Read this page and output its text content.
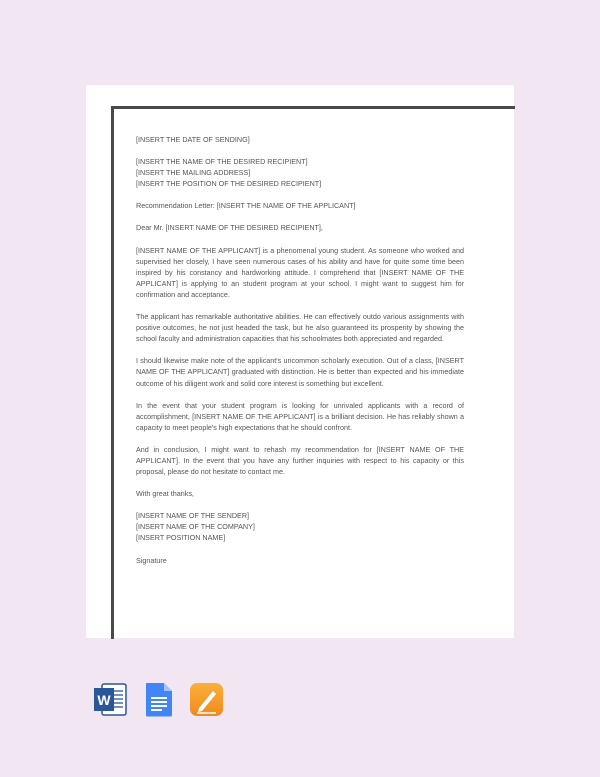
[INSERT THE DATE OF SENDING]

[INSERT THE NAME OF THE DESIRED RECIPIENT]
[INSERT THE MAILING ADDRESS]
[INSERT THE POSITION OF THE DESIRED RECIPIENT]

Recommendation Letter: [INSERT THE NAME OF THE APPLICANT]

Dear Mr. [INSERT NAME OF THE DESIRED RECIPIENT],

[INSERT NAME OF THE APPLICANT] is a phenomenal young student. As someone who worked and supervised her closely, I have seen numerous cases of his ability and have for quite some time been inspired by his constancy and hardworking attitude. I comprehend that [INSERT NAME OF THE APPLICANT] is applying to an student program at your school. I might want to suggest him for confirmation and acceptance.

The applicant has remarkable authoritative abilities. He can effectively outdo various assignments with positive outcomes, he not just headed the task, but he also guaranteed its prosperity by showing the school faculty and administration capacities that his schoolmates both appreciated and regarded.

I should likewise make note of the applicant's uncommon scholarly execution. Out of a class, [INSERT NAME OF THE APPLICANT] graduated with distinction. He is better than expected and his immediate outcome of his diligent work and solid core interest is something but excellent.

In the event that your student program is looking for unrivaled applicants with a record of accomplishment, [INSERT NAME OF THE APPLICANT] is a brilliant decision. He has reliably shown a capacity to meet people's high expectations that he should confront.

And in conclusion, I might want to rehash my recommendation for [INSERT NAME OF THE APPLICANT]. In the event that you have any further inquiries with respect to his capacity or this proposal, please do not hesitate to contact me.

With great thanks,

[INSERT NAME OF THE SENDER]
[INSERT NAME OF THE COMPANY]
[INSERT POSITION NAME]

Signature

W
